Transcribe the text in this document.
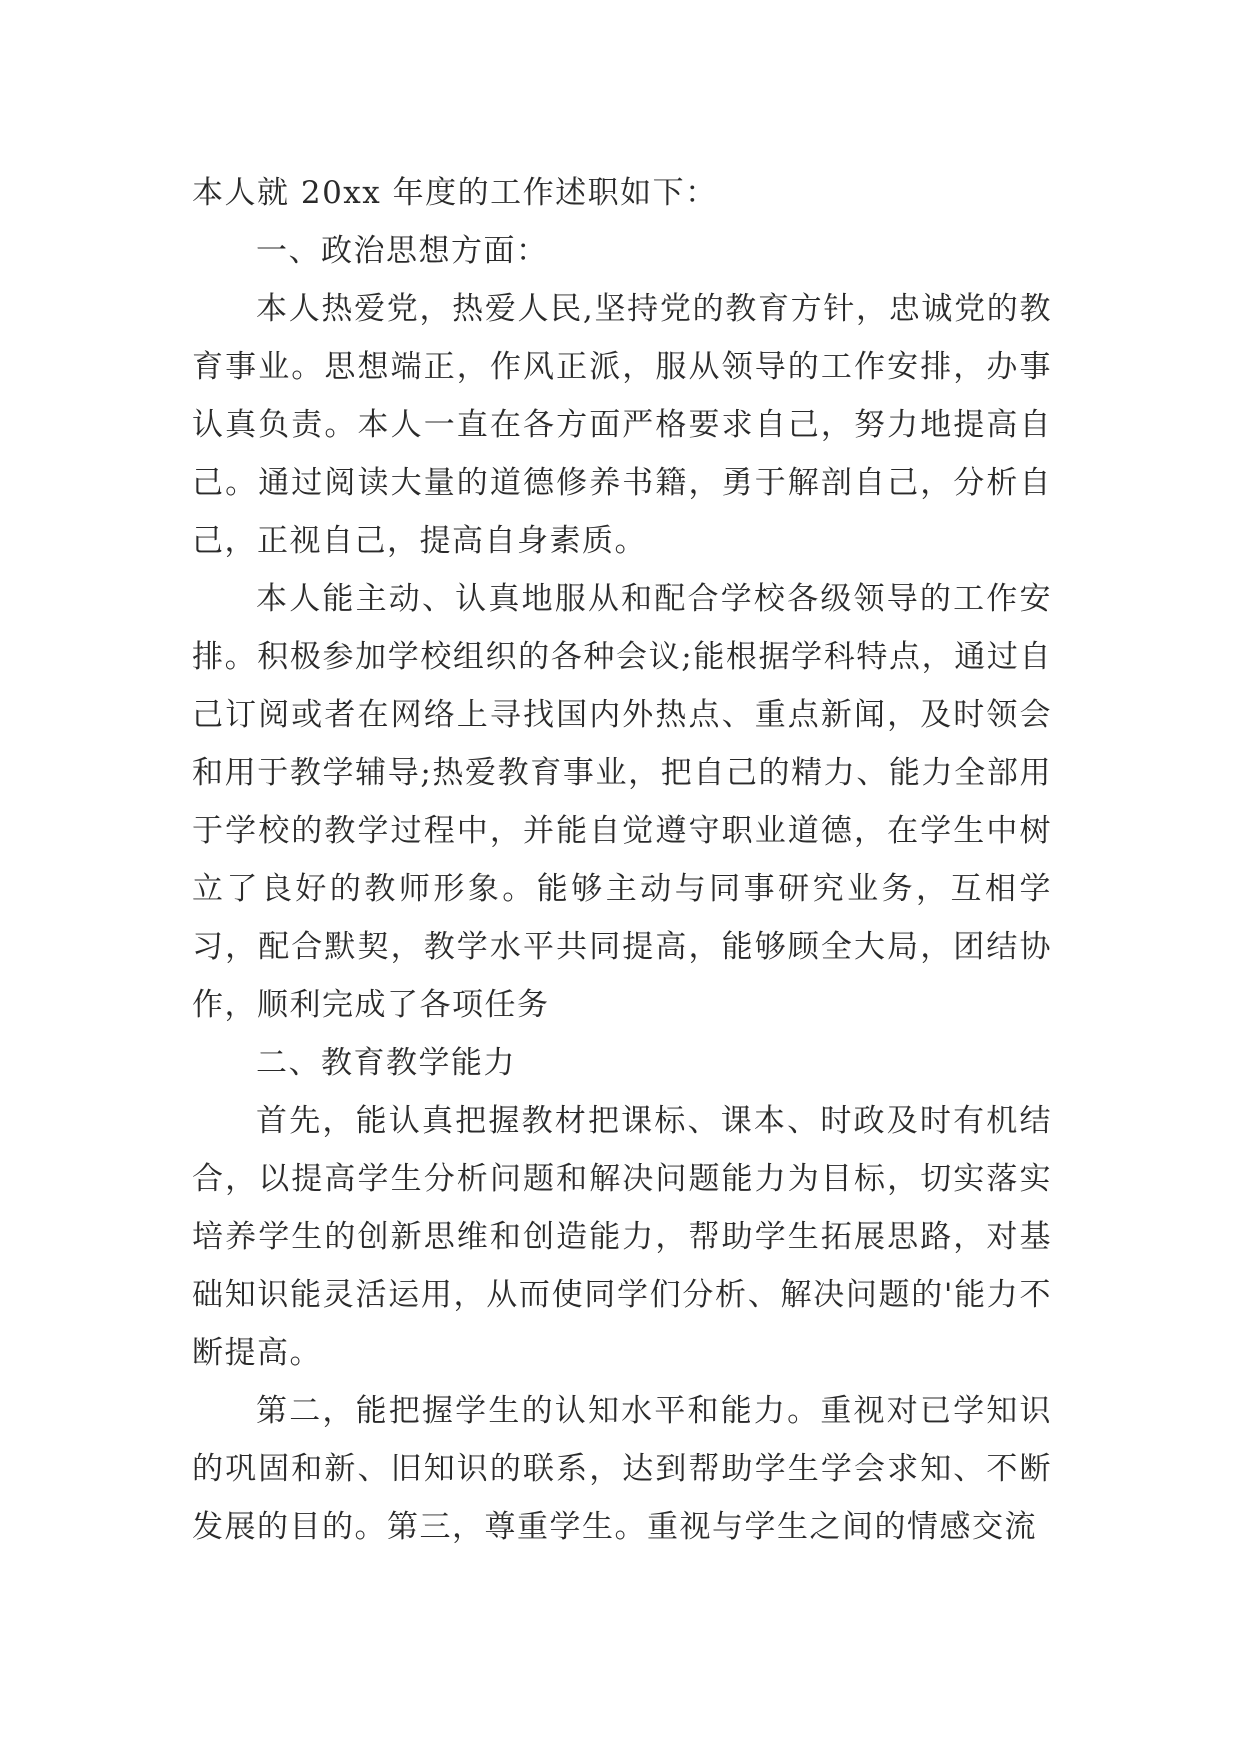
本人就 20xx 年度的工作述职如下：

一、政治思想方面：

本人热爱党，热爱人民,坚持党的教育方针，忠诚党的教育事业。思想端正，作风正派，服从领导的工作安排，办事认真负责。本人一直在各方面严格要求自己，努力地提高自己。通过阅读大量的道德修养书籍，勇于解剖自己，分析自己，正视自己，提高自身素质。

本人能主动、认真地服从和配合学校各级领导的工作安排。积极参加学校组织的各种会议;能根据学科特点，通过自己订阅或者在网络上寻找国内外热点、重点新闻，及时领会和用于教学辅导;热爱教育事业，把自己的精力、能力全部用于学校的教学过程中，并能自觉遵守职业道德，在学生中树立了良好的教师形象。能够主动与同事研究业务，互相学习，配合默契，教学水平共同提高，能够顾全大局，团结协作，顺利完成了各项任务

二、教育教学能力

首先，能认真把握教材把课标、课本、时政及时有机结合，以提高学生分析问题和解决问题能力为目标，切实落实培养学生的创新思维和创造能力，帮助学生拓展思路，对基础知识能灵活运用，从而使同学们分析、解决问题的'能力不断提高。

第二，能把握学生的认知水平和能力。重视对已学知识的巩固和新、旧知识的联系，达到帮助学生学会求知、不断发展的目的。第三，尊重学生。重视与学生之间的情感交流
